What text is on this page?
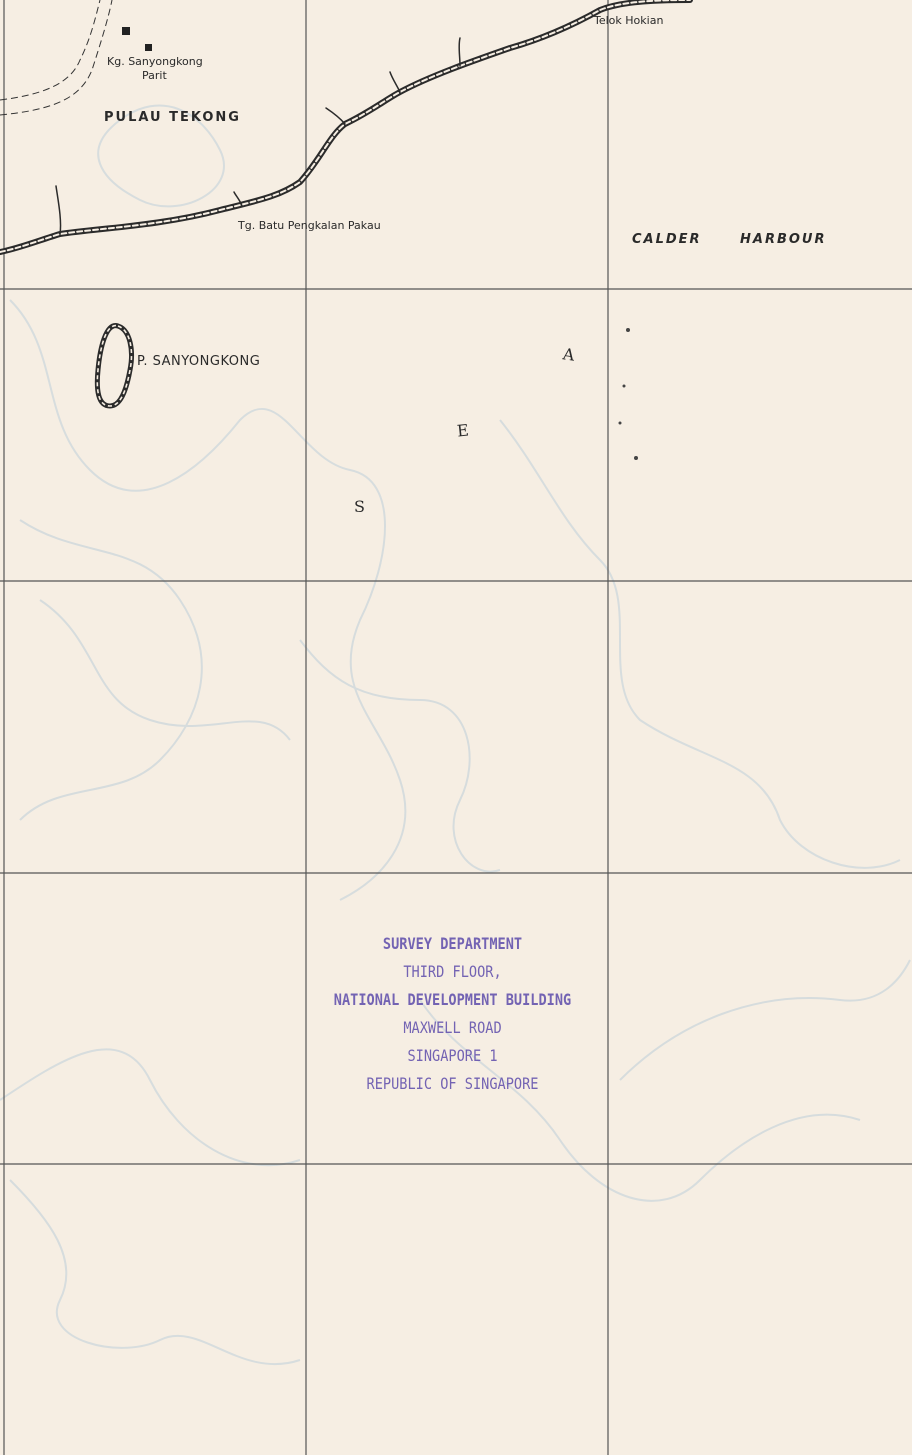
Telok Hokian
Kg. Sanyongkong
Parit
PULAU TEKONG
Tg. Batu Pengkalan Pakau
CALDER	HARBOUR
P. SANYONGKONG	A
E
S
SURVEY DEPARTMENT
THIRD FLOOR,
NATIONAL DEVELOPMENT BUILDING
MAXWELL ROAD
SINGAPORE 1
REPUBLIC OF SINGAPORE
